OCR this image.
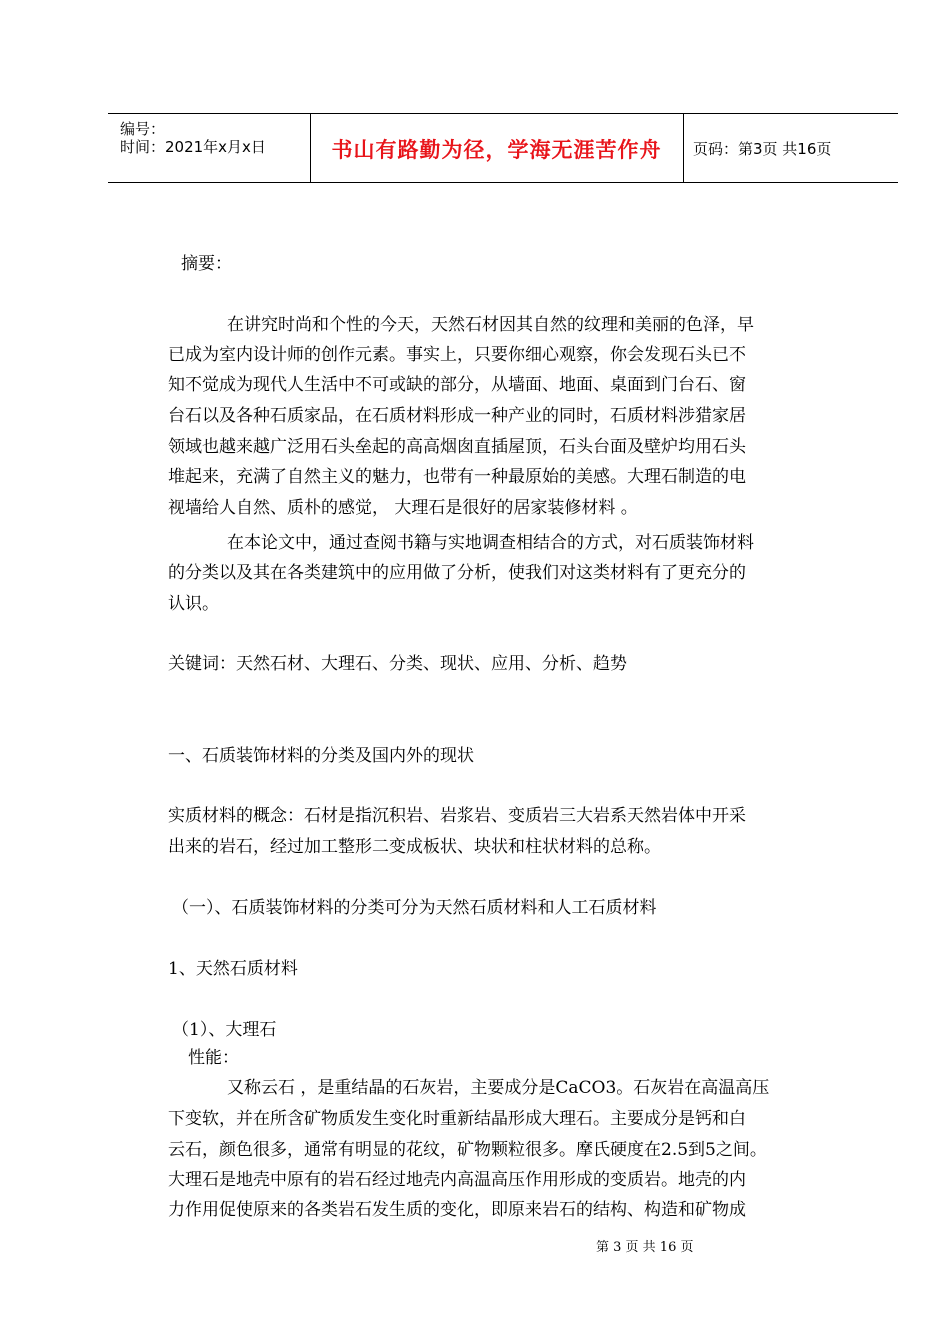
编号：
时间：2021年x月x日	书山有路勤为径，学海无涯苦作舟	页码：第3页 共16页
摘要：
在讲究时尚和个性的今天，天然石材因其自然的纹理和美丽的色泽，早
已成为室内设计师的创作元素。事实上，只要你细心观察，你会发现石头已不
知不觉成为现代人生活中不可或缺的部分，从墙面、地面、桌面到门台石、窗
台石以及各种石质家品，在石质材料形成一种产业的同时，石质材料涉猎家居
领域也越来越广泛用石头垒起的高高烟囱直插屋顶，石头台面及壁炉均用石头
堆起来，充满了自然主义的魅力，也带有一种最原始的美感。大理石制造的电
视墙给人自然、质朴的感觉， 大理石是很好的居家装修材料 。
在本论文中，通过查阅书籍与实地调查相结合的方式，对石质装饰材料
的分类以及其在各类建筑中的应用做了分析，使我们对这类材料有了更充分的
认识。
关键词：天然石材、大理石、分类、现状、应用、分析、趋势
一、石质装饰材料的分类及国内外的现状
实质材料的概念：石材是指沉积岩、岩浆岩、变质岩三大岩系天然岩体中开采
出来的岩石，经过加工整形二变成板状、块状和柱状材料的总称。
（一）、石质装饰材料的分类可分为天然石质材料和人工石质材料
1、天然石质材料
（1）、大理石
性能：
又称云石 ，是重结晶的石灰岩，主要成分是CaCO3。石灰岩在高温高压
下变软，并在所含矿物质发生变化时重新结晶形成大理石。主要成分是钙和白
云石，颜色很多，通常有明显的花纹，矿物颗粒很多。摩氏硬度在2.5到5之间。
大理石是地壳中原有的岩石经过地壳内高温高压作用形成的变质岩。地壳的内
力作用促使原来的各类岩石发生质的变化，即原来岩石的结构、构造和矿物成
第 3 页 共 16 页
